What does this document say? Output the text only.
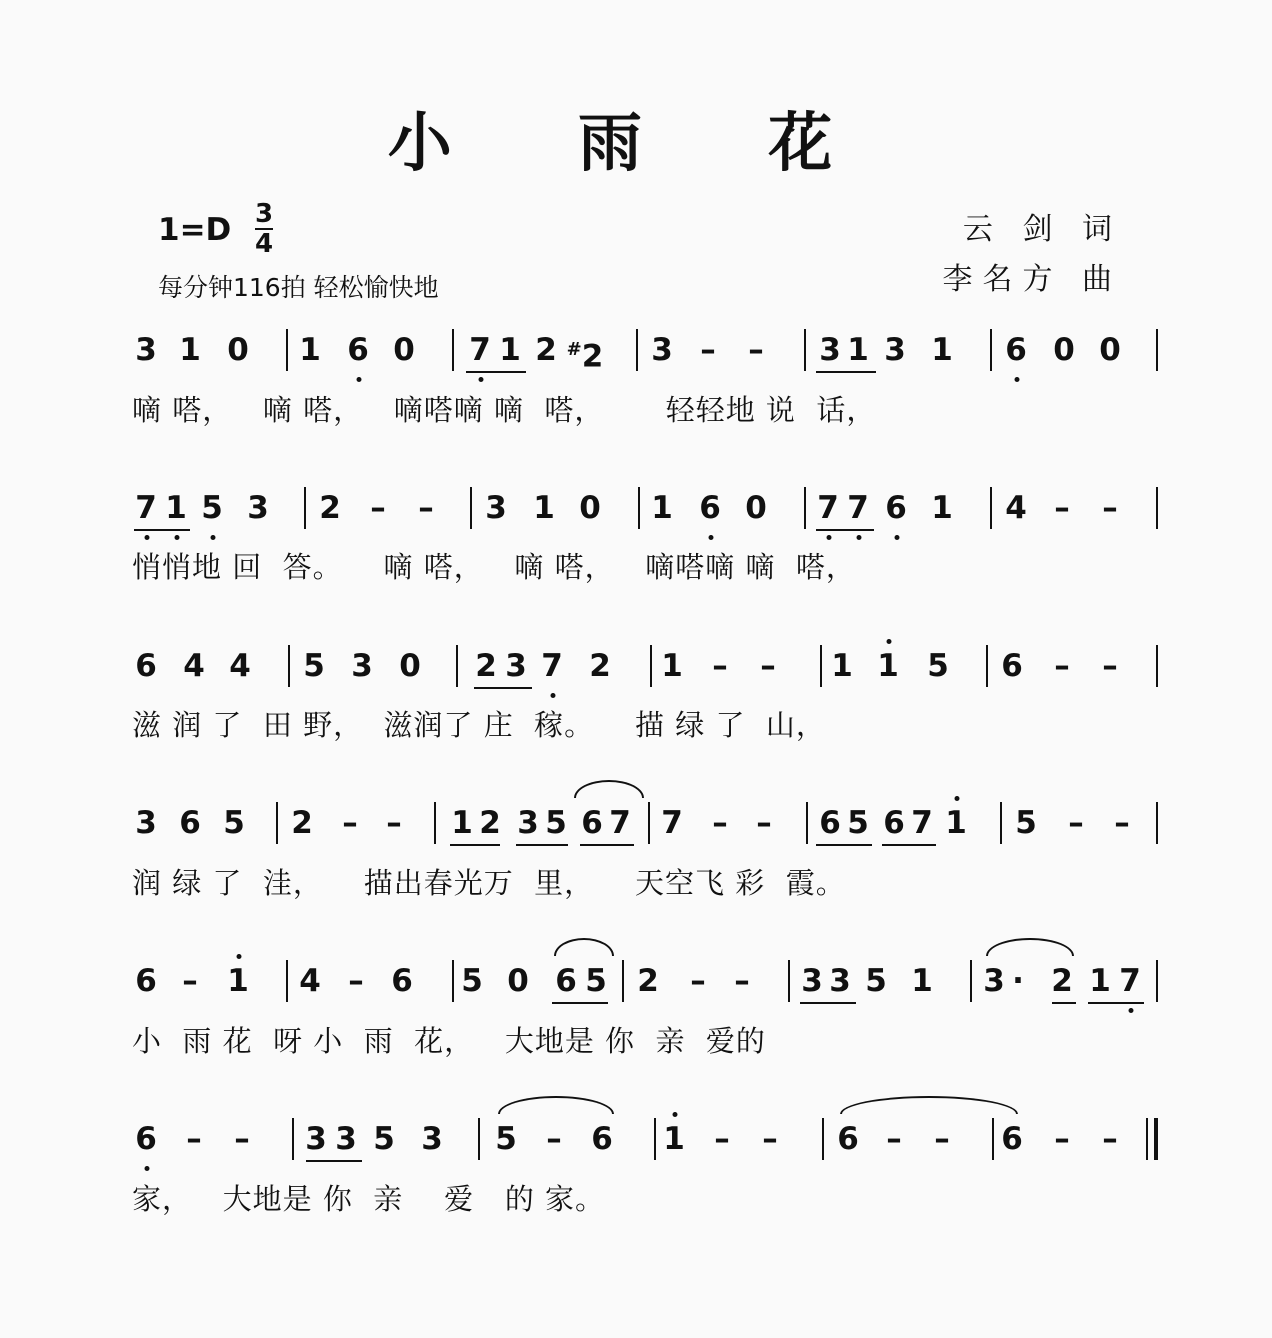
小 雨 花
1=D 3
4
每分钟116拍 轻松愉快地
云 剑 词
李名方 曲
3 1 0 1 6 0 7 1 2 #2 3 – – 3 1 3 1 6 0 0
7 1 5 3 2 – – 3 1 0 1 6 0 7 7 6 1 4 – –
6 4 4 5 3 0 2 3 7 2 1 – – 1 1 5 6 – –
3 6 5 2 – – 1 2 3 5 6 7 7 – – 6 5 6 7 1 5 – –
6 – 1 4 – 6 5 0 6 5 2 – – 3 3 5 1 3 · 2 1 7
6 – – 3 3 5 3 5 – 6 1 – – 6 – – 6 – –
嘀 嗒，   嘀 嗒，   嘀嗒嘀 嘀  嗒，      轻轻地 说  话，
悄悄地 回  答。    嘀 嗒，   嘀 嗒，   嘀嗒嘀 嘀  嗒，
滋 润 了  田 野，  滋润了 庄  稼。    描 绿 了  山，
润 绿 了  洼，    描出春光万  里，    天空飞 彩  霞。
小  雨 花  呀 小  雨  花，   大地是 你  亲  爱的
家，   大地是 你  亲    爱   的 家。
